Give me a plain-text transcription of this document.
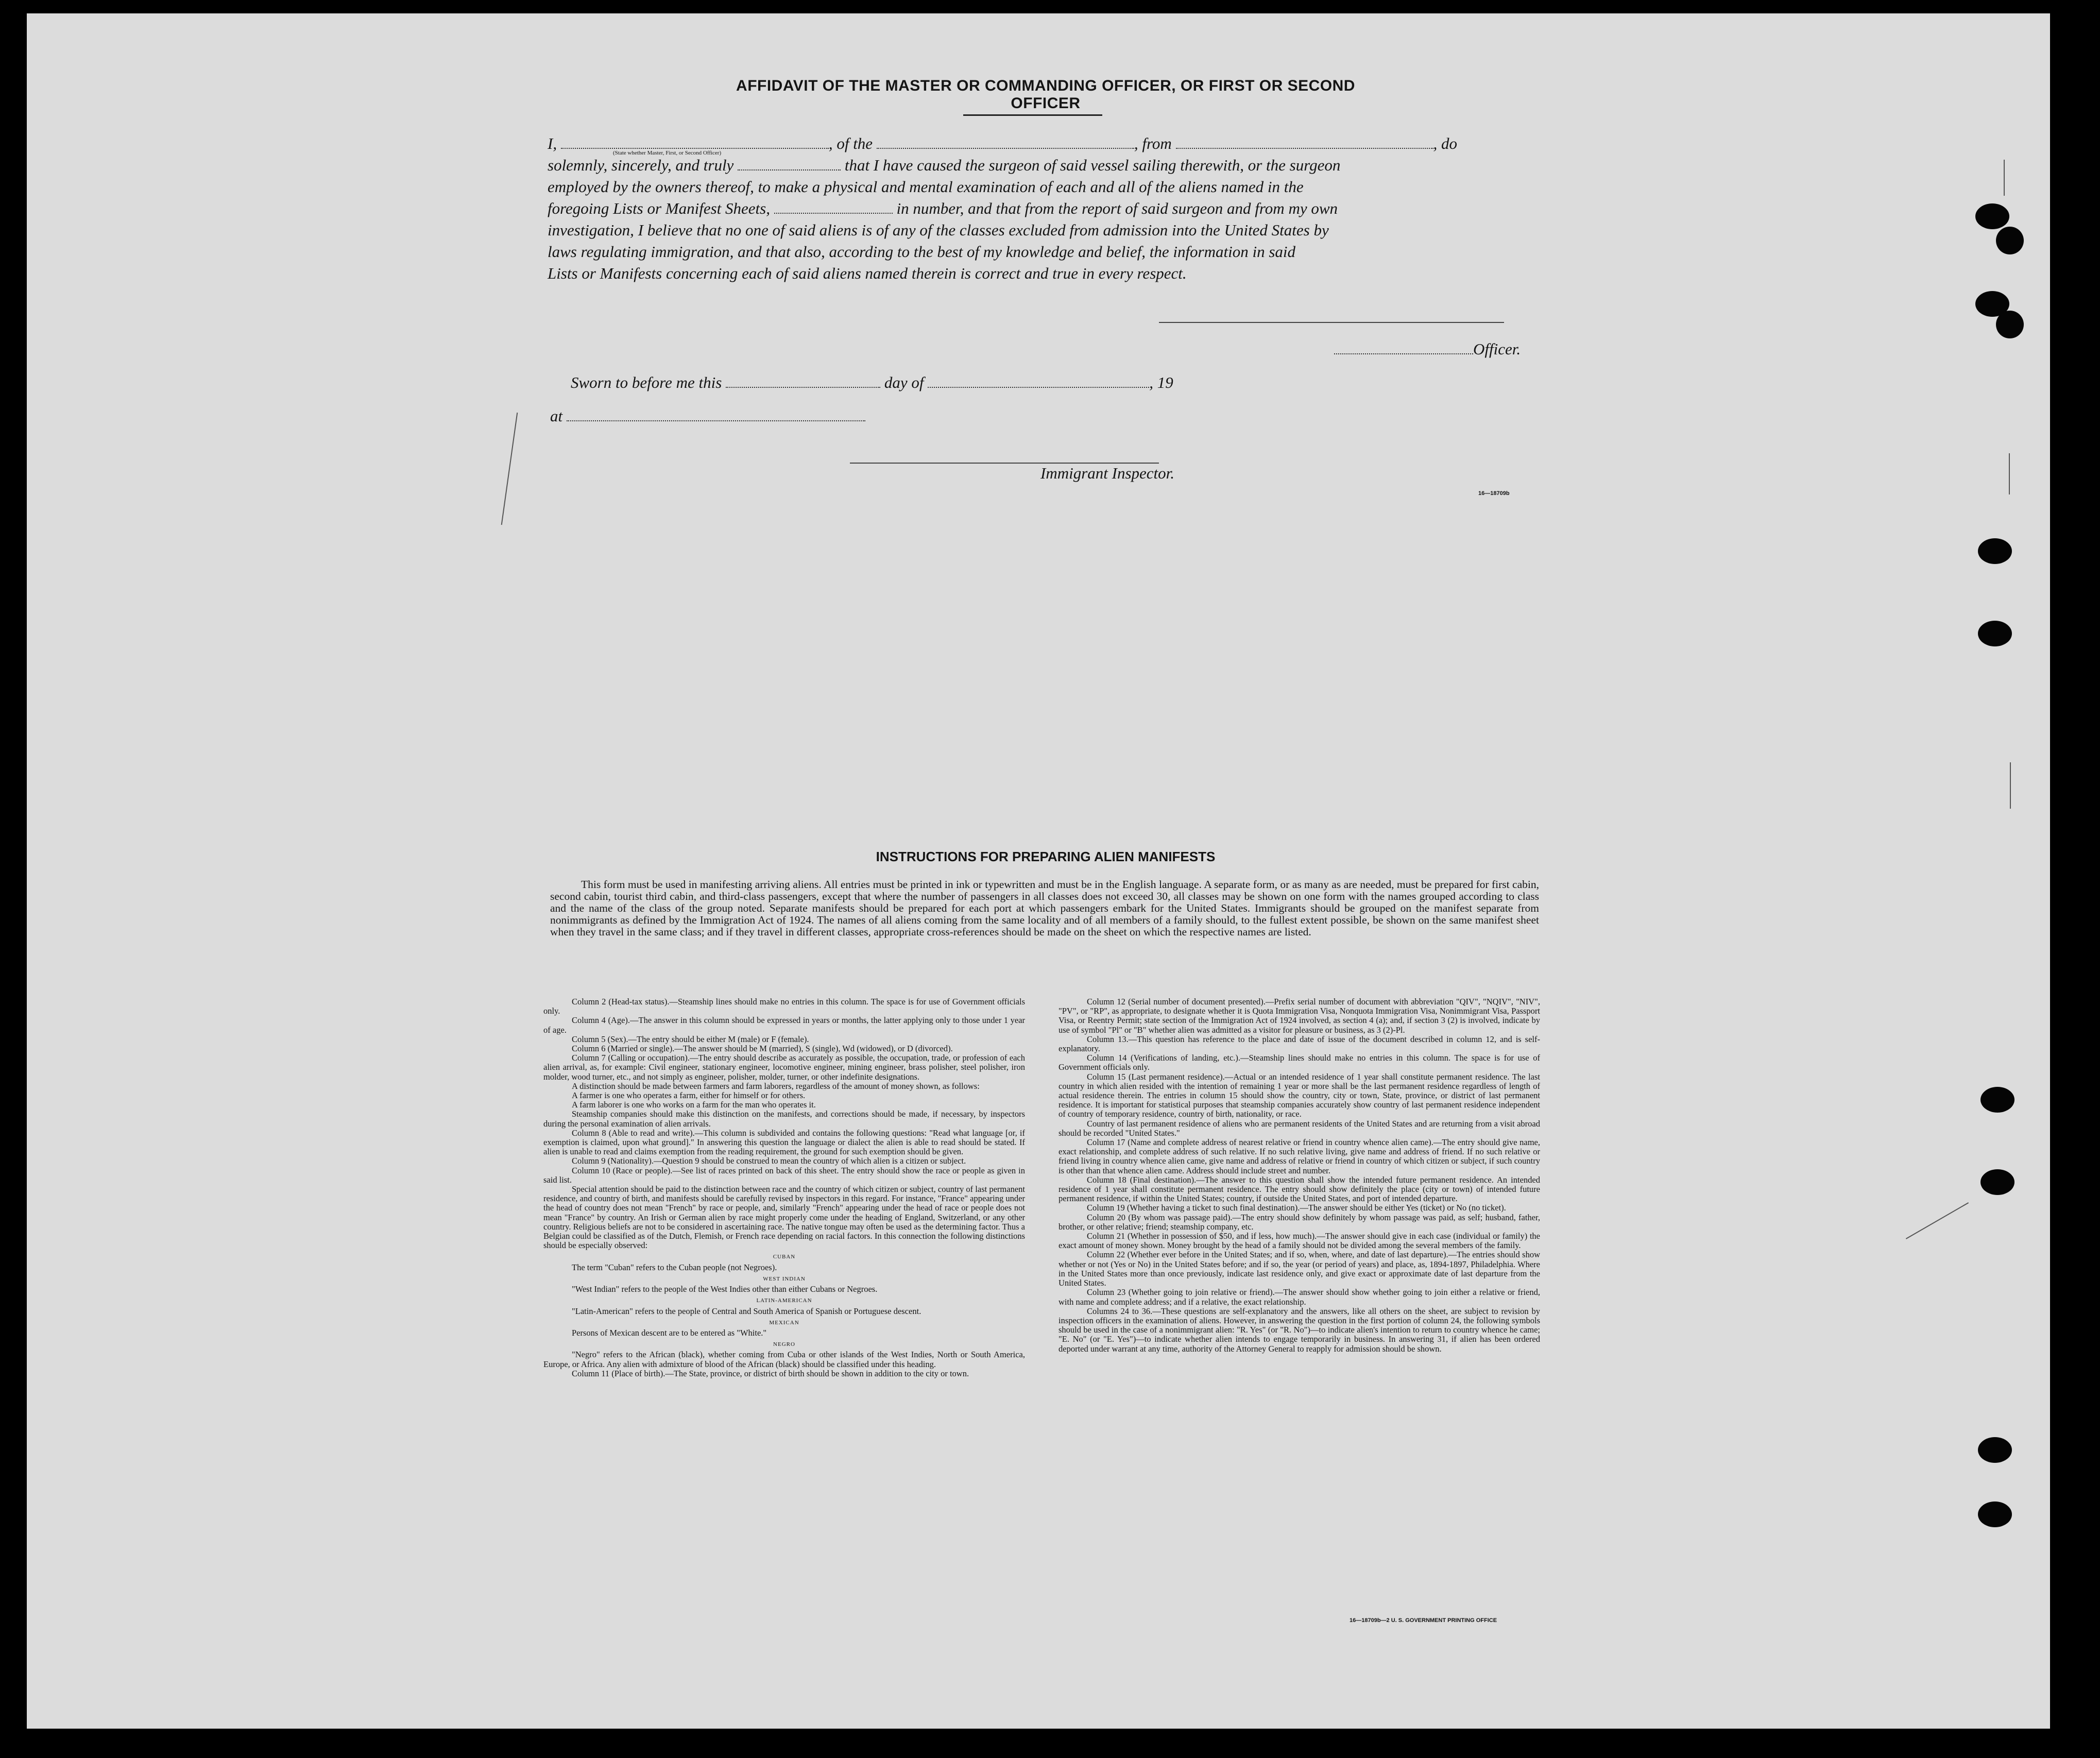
AFFIDAVIT OF THE MASTER OR COMMANDING OFFICER, OR FIRST OR SECOND OFFICER

I,	, of the	, from	, do

solemnly, sincerely, and truly	that I have caused the surgeon of said vessel sailing therewith, or the surgeon

employed by the owners thereof, to make a physical and mental examination of each and all of the aliens named in the

foregoing Lists or Manifest Sheets,	in number, and that from the report of said surgeon and from my own

investigation, I believe that no one of said aliens is of any of the classes excluded from admission into the United States by

laws regulating immigration, and that also, according to the best of my knowledge and belief, the information in said

Lists or Manifests concerning each of said aliens named therein is correct and true in every respect.

(State whether Master, First, or Second Officer)
Officer.
Sworn to before me this	day of	, 19
at
Immigrant Inspector.
16—18709b
INSTRUCTIONS FOR PREPARING ALIEN MANIFESTS

This form must be used in manifesting arriving aliens. All entries must be printed in ink or typewritten and must be in the English language. A separate form, or as many as are needed, must be prepared for first cabin, second cabin, tourist third cabin, and third-class passengers, except that where the number of passengers in all classes does not exceed 30, all classes may be shown on one form with the names grouped according to class and the name of the class of the group noted. Separate manifests should be prepared for each port at which passengers embark for the United States. Immigrants should be grouped on the manifest separate from nonimmigrants as defined by the Immigration Act of 1924. The names of all aliens coming from the same locality and of all members of a family should, to the fullest extent possible, be shown on the same manifest sheet when they travel in the same class; and if they travel in different classes, appropriate cross-references should be made on the sheet on which the respective names are listed.

Column 2 (Head-tax status).—Steamship lines should make no entries in this column. The space is for use of Government officials only.

Column 4 (Age).—The answer in this column should be expressed in years or months, the latter applying only to those under 1 year of age.

Column 5 (Sex).—The entry should be either M (male) or F (female).

Column 6 (Married or single).—The answer should be M (married), S (single), Wd (widowed), or D (divorced).

Column 7 (Calling or occupation).—The entry should describe as accurately as possible, the occupation, trade, or profession of each alien arrival, as, for example: Civil engineer, stationary engineer, locomotive engineer, mining engineer, brass polisher, steel polisher, iron molder, wood turner, etc., and not simply as engineer, polisher, molder, turner, or other indefinite designations.

A distinction should be made between farmers and farm laborers, regardless of the amount of money shown, as follows:

A farmer is one who operates a farm, either for himself or for others.

A farm laborer is one who works on a farm for the man who operates it.

Steamship companies should make this distinction on the manifests, and corrections should be made, if necessary, by inspectors during the personal examination of alien arrivals.

Column 8 (Able to read and write).—This column is subdivided and contains the following questions: "Read what language [or, if exemption is claimed, upon what ground]." In answering this question the language or dialect the alien is able to read should be stated. If alien is unable to read and claims exemption from the reading requirement, the ground for such exemption should be given.

Column 9 (Nationality).—Question 9 should be construed to mean the country of which alien is a citizen or subject.

Column 10 (Race or people).—See list of races printed on back of this sheet. The entry should show the race or people as given in said list.

Special attention should be paid to the distinction between race and the country of which citizen or subject, country of last permanent residence, and country of birth, and manifests should be carefully revised by inspectors in this regard. For instance, "France" appearing under the head of country does not mean "French" by race or people, and, similarly "French" appearing under the head of race or people does not mean "France" by country. An Irish or German alien by race might properly come under the heading of England, Switzerland, or any other country. Religious beliefs are not to be considered in ascertaining race. The native tongue may often be used as the determining factor. Thus a Belgian could be classified as of the Dutch, Flemish, or French race depending on racial factors. In this connection the following distinctions should be especially observed:

CUBAN

The term "Cuban" refers to the Cuban people (not Negroes).

WEST INDIAN

"West Indian" refers to the people of the West Indies other than either Cubans or Negroes.

LATIN-AMERICAN

"Latin-American" refers to the people of Central and South America of Spanish or Portuguese descent.

MEXICAN

Persons of Mexican descent are to be entered as "White."

NEGRO

"Negro" refers to the African (black), whether coming from Cuba or other islands of the West Indies, North or South America, Europe, or Africa. Any alien with admixture of blood of the African (black) should be classified under this heading.

Column 11 (Place of birth).—The State, province, or district of birth should be shown in addition to the city or town.

Column 12 (Serial number of document presented).—Prefix serial number of document with abbreviation "QIV", "NQIV", "NIV", "PV", or "RP", as appropriate, to designate whether it is Quota Immigration Visa, Nonquota Immigration Visa, Nonimmigrant Visa, Passport Visa, or Reentry Permit; state section of the Immigration Act of 1924 involved, as section 4 (a); and, if section 3 (2) is involved, indicate by use of symbol "Pl" or "B" whether alien was admitted as a visitor for pleasure or business, as 3 (2)-Pl.

Column 13.—This question has reference to the place and date of issue of the document described in column 12, and is self-explanatory.

Column 14 (Verifications of landing, etc.).—Steamship lines should make no entries in this column. The space is for use of Government officials only.

Column 15 (Last permanent residence).—Actual or an intended residence of 1 year shall constitute permanent residence. The last country in which alien resided with the intention of remaining 1 year or more shall be the last permanent residence regardless of length of actual residence therein. The entries in column 15 should show the country, city or town, State, province, or district of last permanent residence. It is important for statistical purposes that steamship companies accurately show country of last permanent residence independent of country of temporary residence, country of birth, nationality, or race.

Country of last permanent residence of aliens who are permanent residents of the United States and are returning from a visit abroad should be recorded "United States."

Column 17 (Name and complete address of nearest relative or friend in country whence alien came).—The entry should give name, exact relationship, and complete address of such relative. If no such relative living, give name and address of friend. If no such relative or friend living in country whence alien came, give name and address of relative or friend in country of which citizen or subject, if such country is other than that whence alien came. Address should include street and number.

Column 18 (Final destination).—The answer to this question shall show the intended future permanent residence. An intended residence of 1 year shall constitute permanent residence. The entry should show definitely the place (city or town) of intended future permanent residence, if within the United States; country, if outside the United States, and port of intended departure.

Column 19 (Whether having a ticket to such final destination).—The answer should be either Yes (ticket) or No (no ticket).

Column 20 (By whom was passage paid).—The entry should show definitely by whom passage was paid, as self; husband, father, brother, or other relative; friend; steamship company, etc.

Column 21 (Whether in possession of $50, and if less, how much).—The answer should give in each case (individual or family) the exact amount of money shown. Money brought by the head of a family should not be divided among the several members of the family.

Column 22 (Whether ever before in the United States; and if so, when, where, and date of last departure).—The entries should show whether or not (Yes or No) in the United States before; and if so, the year (or period of years) and place, as, 1894-1897, Philadelphia. Where in the United States more than once previously, indicate last residence only, and give exact or approximate date of last departure from the United States.

Column 23 (Whether going to join relative or friend).—The answer should show whether going to join either a relative or friend, with name and complete address; and if a relative, the exact relationship.

Columns 24 to 36.—These questions are self-explanatory and the answers, like all others on the sheet, are subject to revision by inspection officers in the examination of aliens. However, in answering the question in the first portion of column 24, the following symbols should be used in the case of a nonimmigrant alien: "R. Yes" (or "R. No")—to indicate alien's intention to return to country whence he came; "E. No" (or "E. Yes")—to indicate whether alien intends to engage temporarily in business. In answering 31, if alien has been ordered deported under warrant at any time, authority of the Attorney General to reapply for admission should be shown.

16—18709b—2 U. S. GOVERNMENT PRINTING OFFICE
